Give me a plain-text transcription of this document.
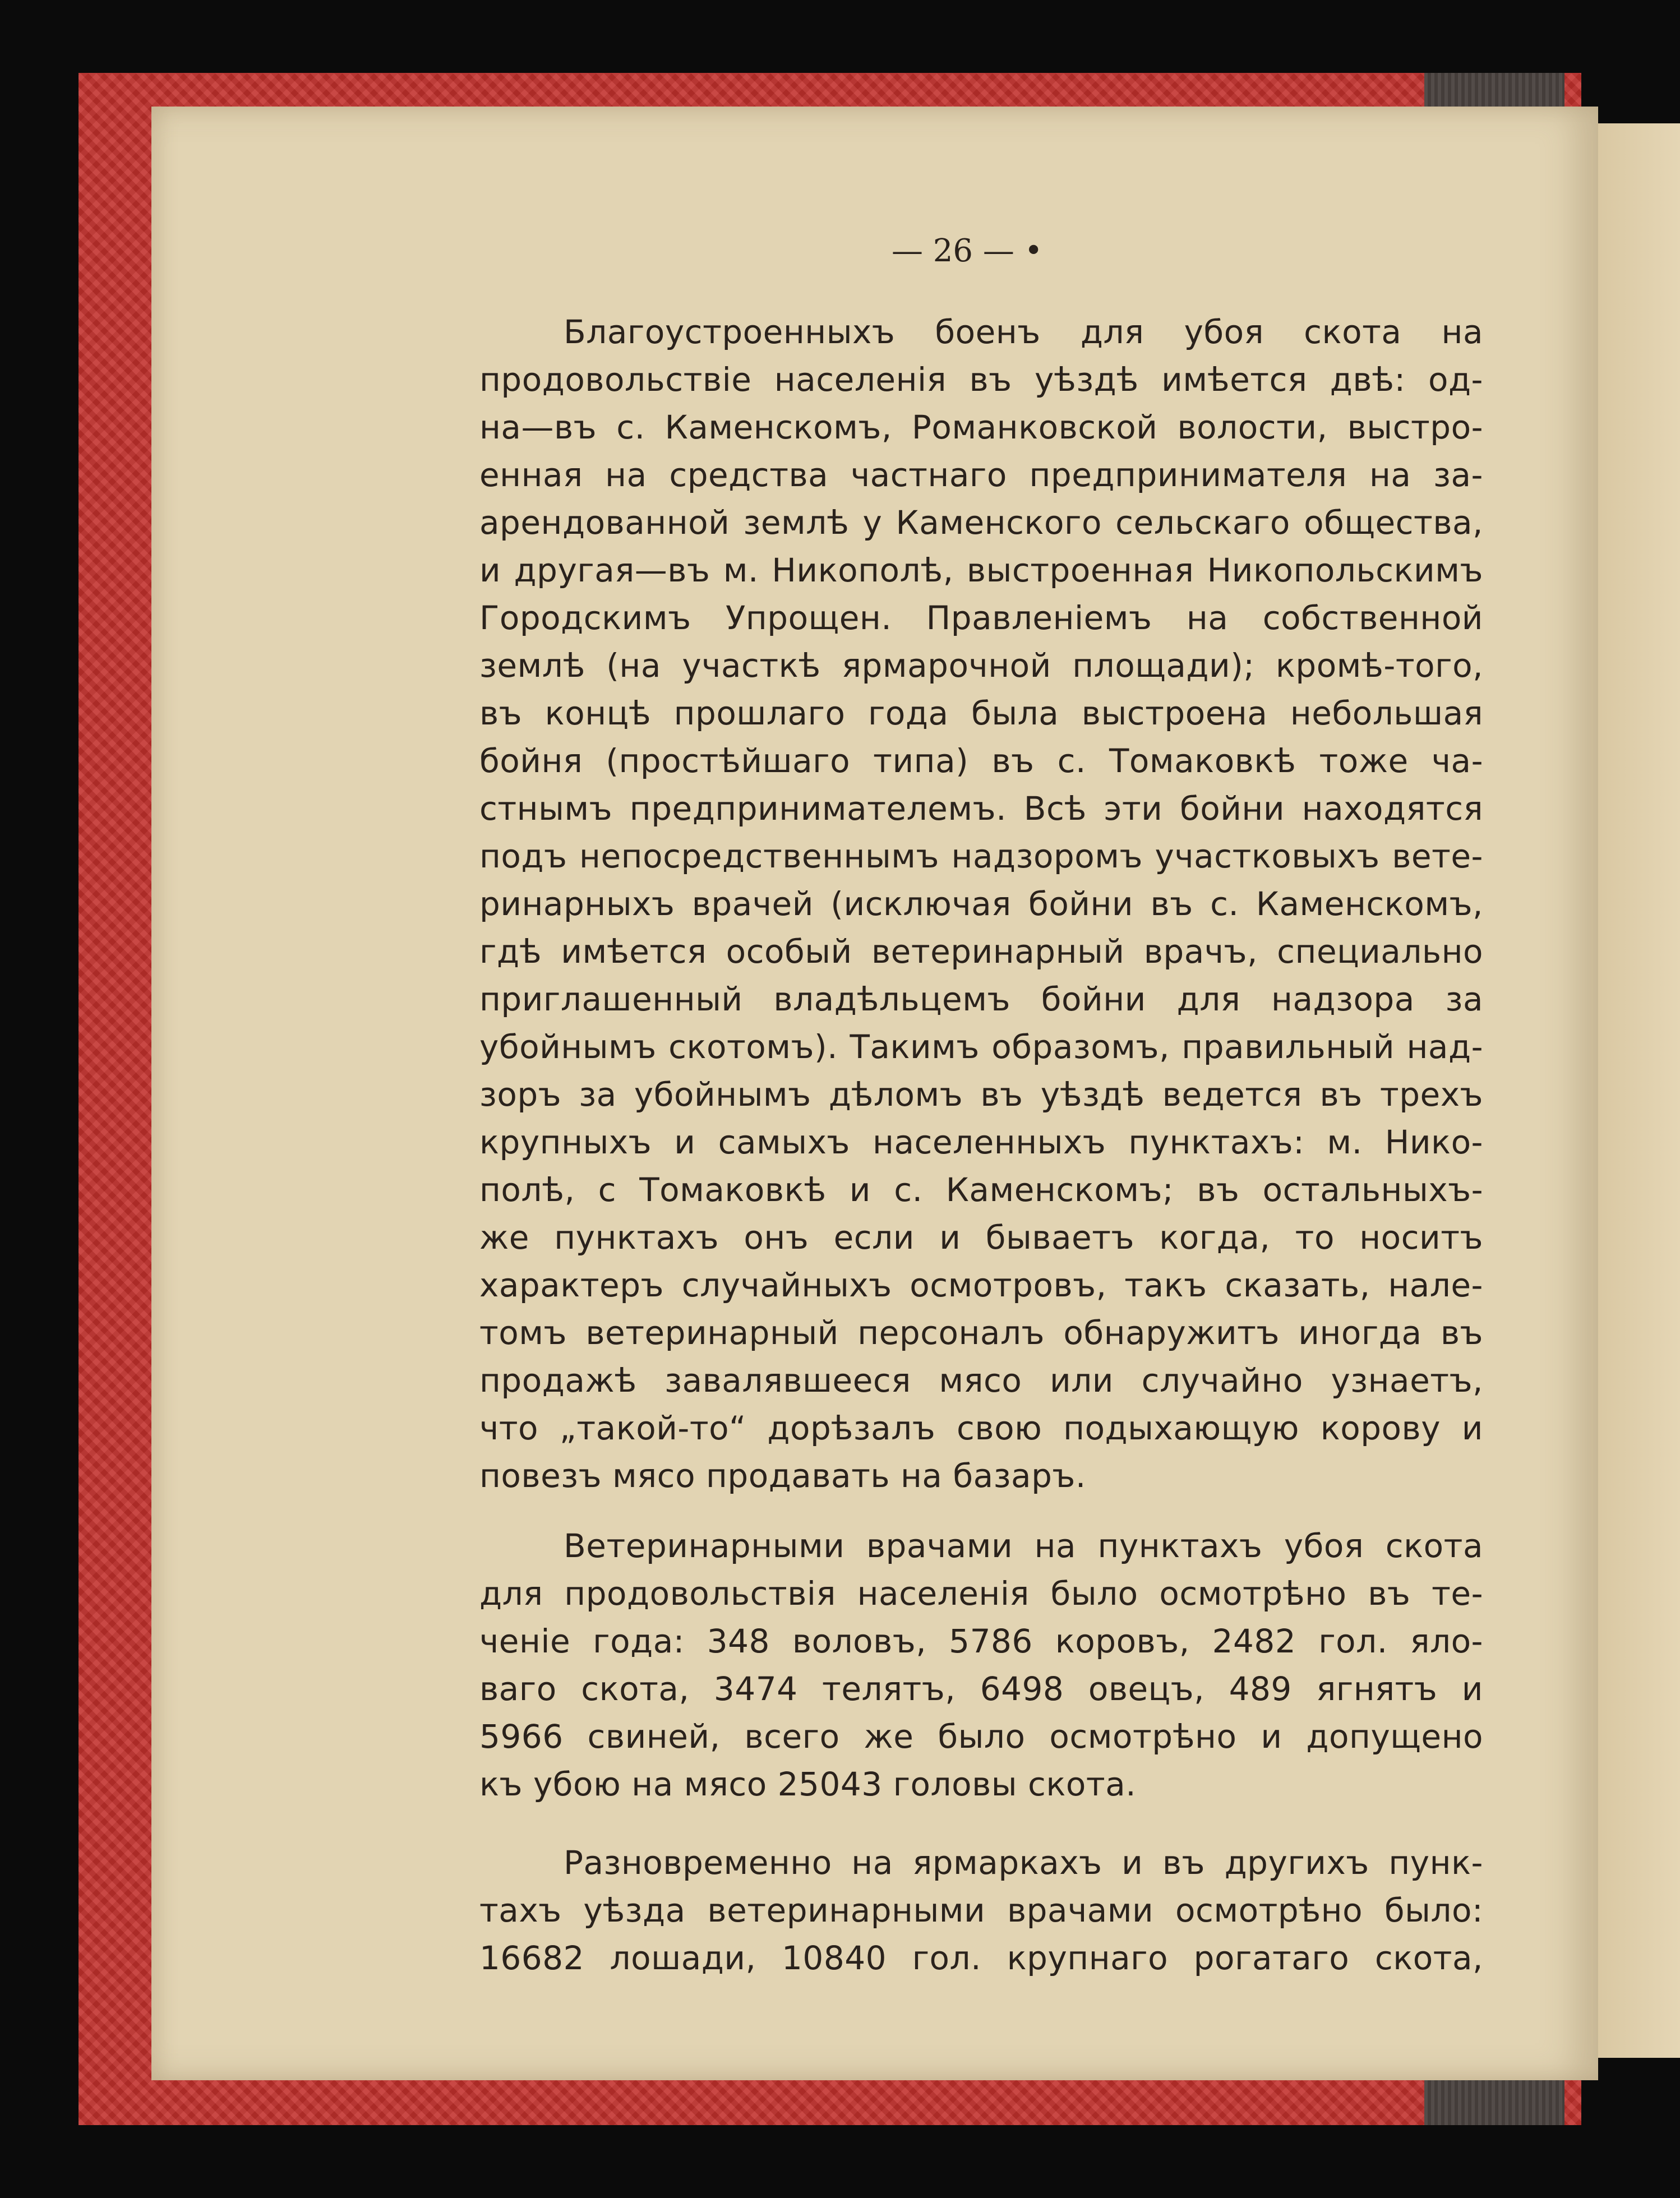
— 26 — •
Благоустроенныхъ боенъ для убоя скота на
продовольствiе населенiя въ уѣздѣ имѣется двѣ: од-
на—въ с. Каменскомъ, Романковской волости, выстро-
енная на средства частнаго предпринимателя на за-
арендованной землѣ у Каменского сельскаго общества,
и другая—въ м. Никополѣ, выстроенная Никопольскимъ
Городскимъ Упрощен. Правленiемъ на собственной
землѣ (на участкѣ ярмарочной площади); кромѣ-того,
въ концѣ прошлаго года была выстроена небольшая
бойня (простѣйшаго типа) въ с. Томаковкѣ тоже ча-
стнымъ предпринимателемъ. Всѣ эти бойни находятся
подъ непосредственнымъ надзоромъ участковыхъ вете-
ринарныхъ врачей (исключая бойни въ с. Каменскомъ,
гдѣ имѣется особый ветеринарный врачъ, специально
приглашенный владѣльцемъ бойни для надзора за
убойнымъ скотомъ). Такимъ образомъ, правильный над-
зоръ за убойнымъ дѣломъ въ уѣздѣ ведется въ трехъ
крупныхъ и самыхъ населенныхъ пунктахъ: м. Нико-
полѣ, с Томаковкѣ и с. Каменскомъ; въ остальныхъ-
же пунктахъ онъ если и бываетъ когда, то носитъ
характеръ случайныхъ осмотровъ, такъ сказать, нале-
томъ ветеринарный персоналъ обнаружитъ иногда въ
продажѣ завалявшееся мясо или случайно узнаетъ,
что „такой-то“ дорѣзалъ свою подыхающую корову и
повезъ мясо продавать на базаръ.
Ветеринарными врачами на пунктахъ убоя скота
для продовольствiя населенiя было осмотрѣно въ те-
ченiе года: 348 воловъ, 5786 коровъ, 2482 гол. яло-
ваго скота, 3474 телятъ, 6498 овецъ, 489 ягнятъ и
5966 свиней, всего же было осмотрѣно и допущено
къ убою на мясо 25043 головы скота.
Разновременно на ярмаркахъ и въ другихъ пунк-
тахъ уѣзда ветеринарными врачами осмотрѣно было:
16682 лошади, 10840 гол. крупнаго рогатаго скота,
